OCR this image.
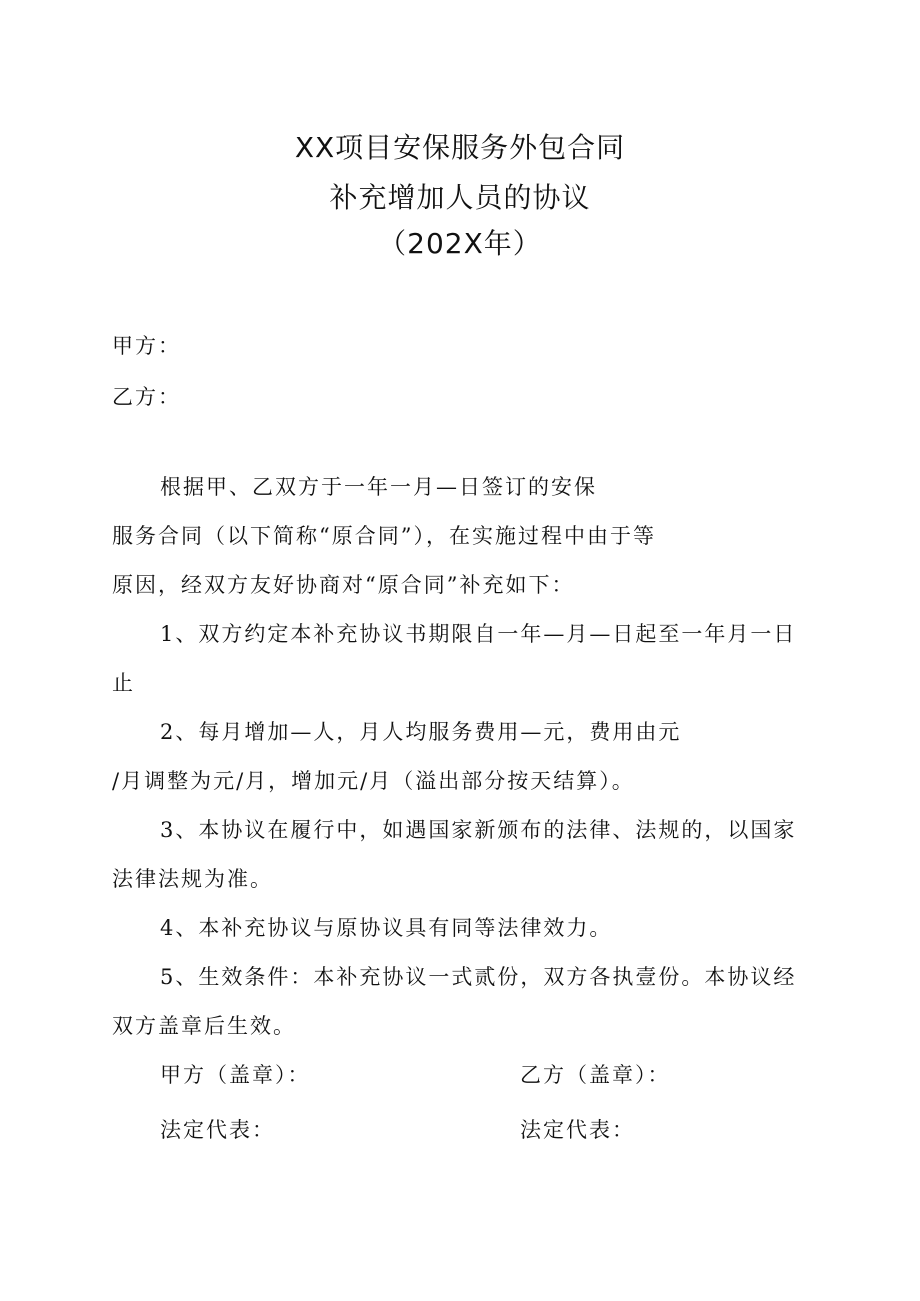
XX项目安保服务外包合同
补充增加人员的协议
（202X年）
甲方：
乙方：
根据甲、乙双方于一年一月—日签订的安保
服务合同（以下简称“原合同”），在实施过程中由于等
原因，经双方友好协商对“原合同”补充如下：
1、双方约定本补充协议书期限自一年—月—日起至一年月一日
止
2、每月增加—人，月人均服务费用—元，费用由元
/月调整为元/月，增加元/月（溢出部分按天结算）。
3、本协议在履行中，如遇国家新颁布的法律、法规的，以国家
法律法规为准。
4、本补充协议与原协议具有同等法律效力。
5、生效条件：本补充协议一式贰份，双方各执壹份。本协议经
双方盖章后生效。
甲方（盖章）：	乙方（盖章）：
法定代表：	法定代表：
